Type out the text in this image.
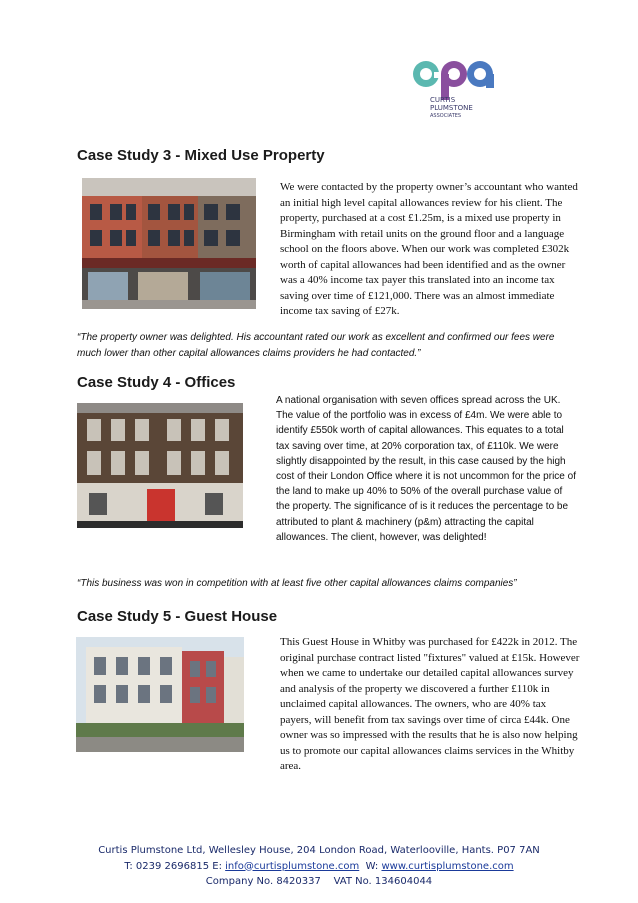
CURTIS
PLUMSTONE
ASSOCIATES
Case Study 3 - Mixed Use Property
We were contacted by the property owner’s accountant who wanted an initial high level capital allowances review for his client. The property, purchased at a cost £1.25m, is a mixed use property in Birmingham with retail units on the ground floor and a language school on the floors above. When our work was completed £302k worth of capital allowances had been identified and as the owner was a 40% income tax payer this translated into an income tax saving over time of £121,000. There was an almost immediate income tax saving of £27k.
“The property owner was delighted. His accountant rated our work as excellent and confirmed our fees were much lower than other capital allowances claims providers he had contacted.”
Case Study 4 - Offices
A national organisation with seven offices spread across the UK. The value of the portfolio was in excess of £4m. We were able to identify £550k worth of capital allowances. This equates to a total tax saving over time, at 20% corporation tax, of £110k. We were slightly disappointed by the result, in this case caused by the high cost of their London Office where it is not uncommon for the price of the land to make up 40% to 50% of the overall purchase value of the property. The significance of is it reduces the percentage to be attributed to plant & machinery (p&m) attracting the capital allowances. The client, however, was delighted!
“This business was won in competition with at least five other capital allowances claims companies”
Case Study 5 - Guest House
This Guest House in Whitby was purchased for £422k in 2012. The original purchase contract listed "fixtures" valued at £15k. However when we came to undertake our detailed capital allowances survey and analysis of the property we discovered a further £110k in unclaimed capital allowances. The owners, who are 40% tax payers, will benefit from tax savings over time of circa £44k. One owner was so impressed with the results that he is also now helping us to promote our capital allowances claims services in the Whitby area.
Curtis Plumstone Ltd, Wellesley House, 204 London Road, Waterlooville, Hants. P07 7AN
T: 0239 2696815 E: info@curtisplumstone.com  W: www.curtisplumstone.com
Company No. 8420337    VAT No. 134604044
